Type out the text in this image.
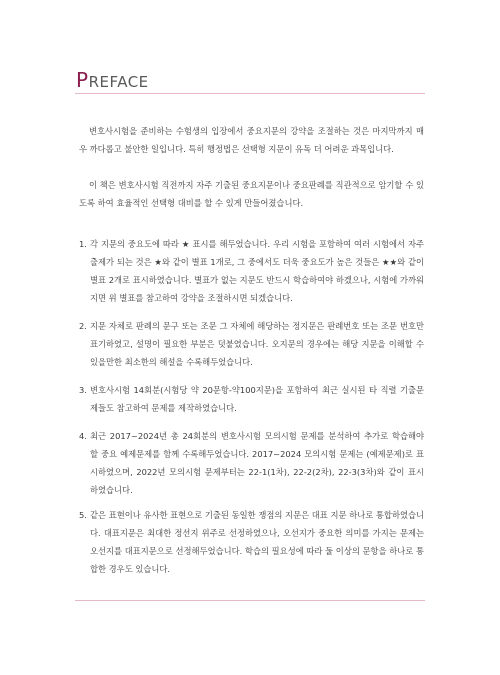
PREFACE

변호사시험을 준비하는 수험생의 입장에서 중요지문의 강약을 조절하는 것은 마지막까지 매우 까다롭고 불안한 일입니다. 특히 행정법은 선택형 지문이 유독 더 어려운 과목입니다.

이 책은 변호사시험 직전까지 자주 기출된 중요지문이나 중요판례를 직관적으로 암기할 수 있도록 하여 효율적인 선택형 대비를 할 수 있게 만들어졌습니다.

1. 각 지문의 중요도에 따라 ★ 표시를 해두었습니다. 우리 시험을 포함하여 여러 시험에서 자주 출제가 되는 것은 ★와 같이 별표 1개로, 그 중에서도 더욱 중요도가 높은 것들은 ★★와 같이 별표 2개로 표시하였습니다. 별표가 없는 지문도 반드시 학습하여야 하겠으나, 시험에 가까워지면 위 별표를 참고하여 강약을 조절하시면 되겠습니다.
2. 지문 자체로 판례의 문구 또는 조문 그 자체에 해당하는 정지문은 판례번호 또는 조문 번호만 표기하였고, 설명이 필요한 부분은 덧붙였습니다. 오지문의 경우에는 해당 지문을 이해할 수 있을만한 최소한의 해설을 수록해두었습니다.
3. 변호사시험 14회분(시험당 약 20문항-약100지문)을 포함하여 최근 실시된 타 직렬 기출문제들도 참고하여 문제를 제작하였습니다.
4. 최근 2017~2024년 총 24회분의 변호사시험 모의시험 문제를 분석하여 추가로 학습해야 할 중요 예제문제를 함께 수록해두었습니다. 2017~2024 모의시험 문제는 (예제문제)로 표시하였으며, 2022년 모의시험 문제부터는 22-1(1차), 22-2(2차), 22-3(3차)와 같이 표시하였습니다.
5. 같은 표현이나 유사한 표현으로 기출된 동일한 쟁점의 지문은 대표 지문 하나로 통합하였습니다. 대표지문은 최대한 정선지 위주로 선정하였으나, 오선지가 중요한 의미를 가지는 문제는 오선지를 대표지문으로 선정해두었습니다. 학습의 필요성에 따라 둘 이상의 문항을 하나로 통합한 경우도 있습니다.
